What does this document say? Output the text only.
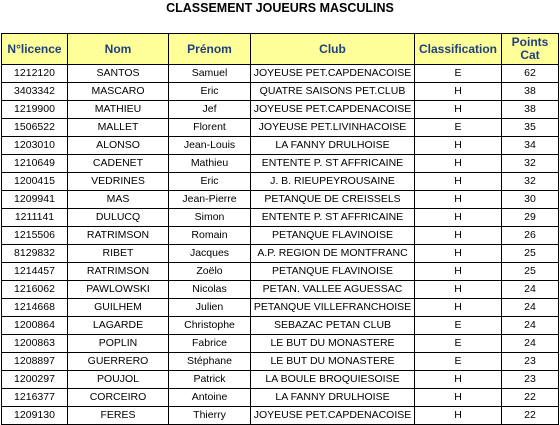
CLASSEMENT JOUEURS MASCULINS
N°licence	Nom	Prénom	Club	Classification	Points Cat
1212120	SANTOS	Samuel	JOYEUSE PET.CAPDENACOISE	E	62
3403342	MASCARO	Eric	QUATRE SAISONS PET.CLUB	H	38
1219900	MATHIEU	Jef	JOYEUSE PET.CAPDENACOISE	H	38
1506522	MALLET	Florent	JOYEUSE PET.LIVINHACOISE	E	35
1203010	ALONSO	Jean-Louis	LA FANNY DRULHOISE	H	34
1210649	CADENET	Mathieu	ENTENTE P. ST AFFRICAINE	H	32
1200415	VEDRINES	Eric	J. B. RIEUPEYROUSAINE	H	32
1209941	MAS	Jean-Pierre	PETANQUE DE CREISSELS	H	30
1211141	DULUCQ	Simon	ENTENTE P. ST AFFRICAINE	H	29
1215506	RATRIMSON	Romain	PETANQUE FLAVINOISE	H	26
8129832	RIBET	Jacques	A.P. REGION DE MONTFRANC	H	25
1214457	RATRIMSON	Zoëlo	PETANQUE FLAVINOISE	H	25
1216062	PAWLOWSKI	Nicolas	PETAN. VALLEE AGUESSAC	H	24
1214668	GUILHEM	Julien	PETANQUE VILLEFRANCHOISE	H	24
1200864	LAGARDE	Christophe	SEBAZAC PETAN CLUB	E	24
1200863	POPLIN	Fabrice	LE BUT DU MONASTERE	E	24
1208897	GUERRERO	Stéphane	LE BUT DU MONASTERE	E	23
1200297	POUJOL	Patrick	LA BOULE BROQUIESOISE	H	23
1216377	CORCEIRO	Antoine	LA FANNY DRULHOISE	H	22
1209130	FERES	Thierry	JOYEUSE PET.CAPDENACOISE	H	22
